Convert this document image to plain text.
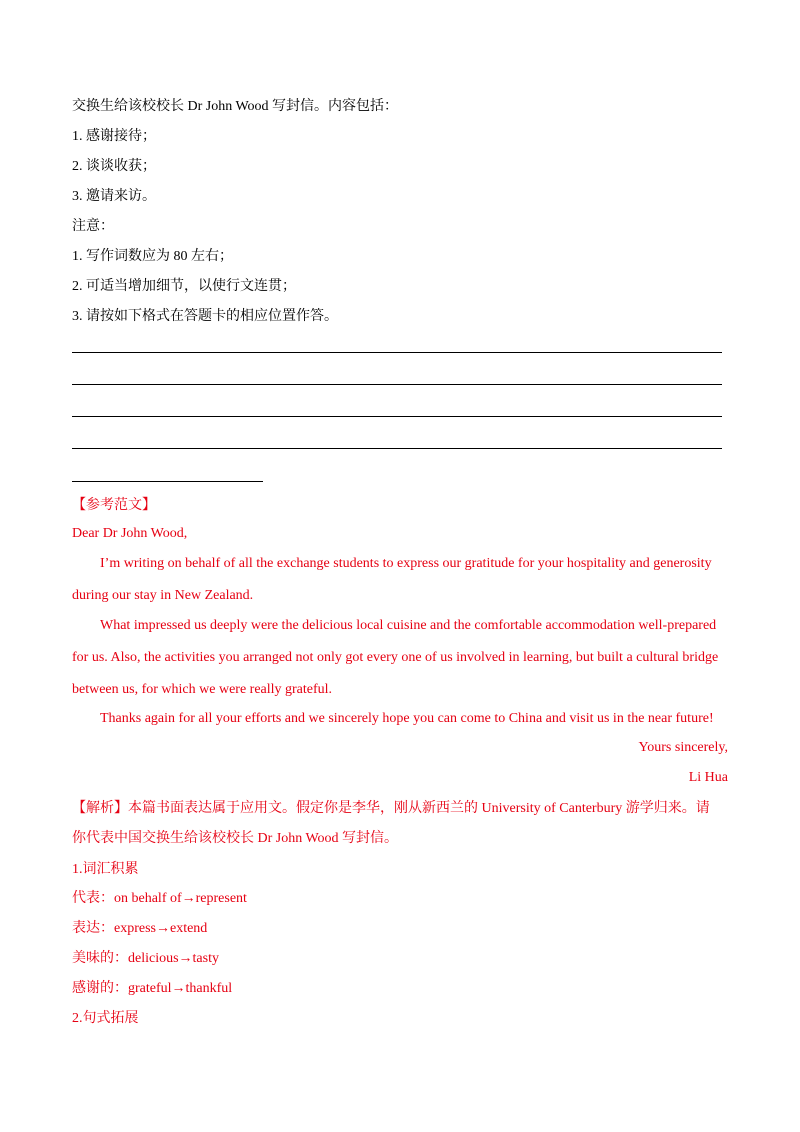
交换生给该校校长 Dr John Wood 写封信。内容包括：
1. 感谢接待；
2. 谈谈收获；
3. 邀请来访。
注意：
1. 写作词数应为 80 左右；
2. 可适当增加细节，以使行文连贯；
3. 请按如下格式在答题卡的相应位置作答。
【参考范文】
Dear Dr John Wood,
I’m writing on behalf of all the exchange students to express our gratitude for your hospitality and generosity
during our stay in New Zealand.
What impressed us deeply were the delicious local cuisine and the comfortable accommodation well-prepared
for us. Also, the activities you arranged not only got every one of us involved in learning, but built a cultural bridge
between us, for which we were really grateful.
Thanks again for all your efforts and we sincerely hope you can come to China and visit us in the near future!
Yours sincerely,
Li Hua
【解析】本篇书面表达属于应用文。假定你是李华，刚从新西兰的 University of Canterbury 游学归来。请
你代表中国交换生给该校校长 Dr John Wood 写封信。
1.词汇积累
代表：on behalf of→represent
表达：express→extend
美味的：delicious→tasty
感谢的：grateful→thankful
2.句式拓展
